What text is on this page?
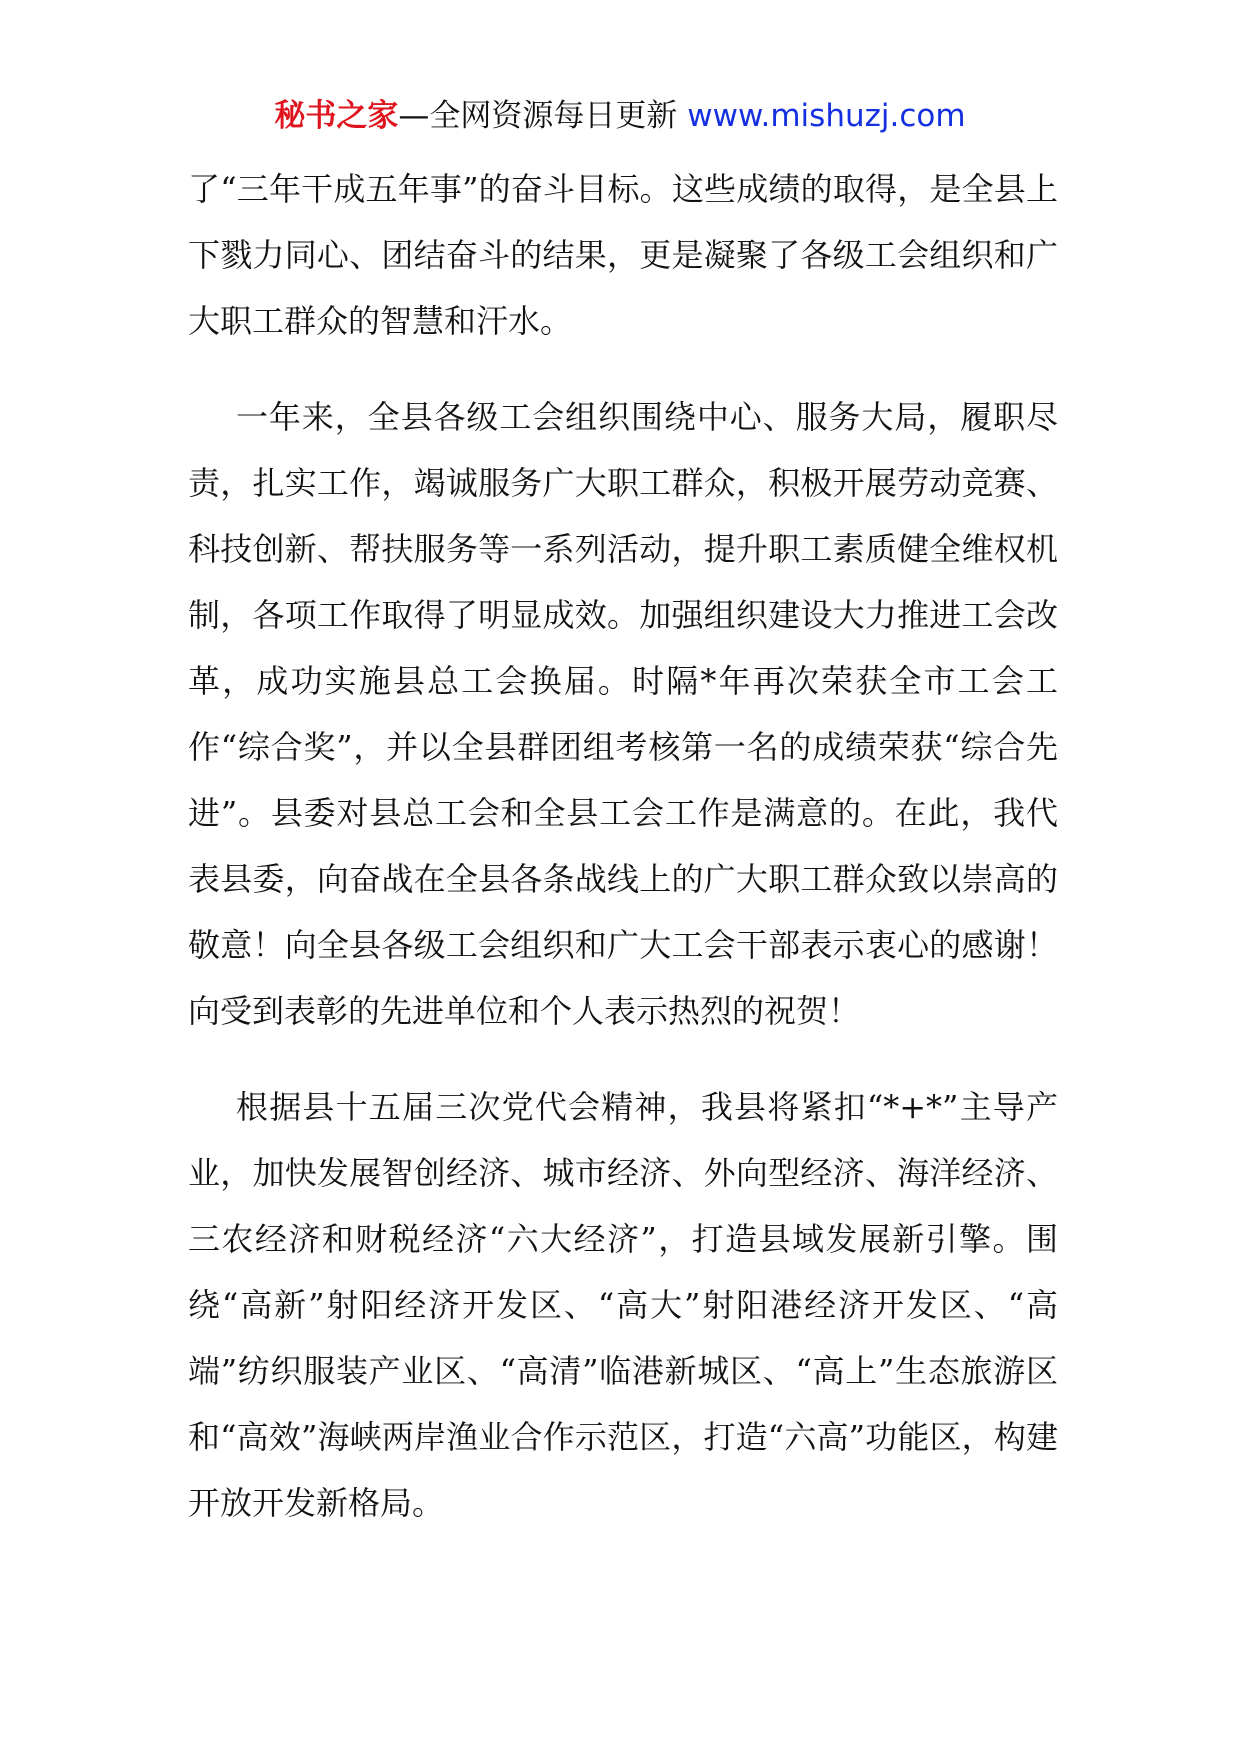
秘书之家—全网资源每日更新 www.mishuzj.com

了“三年干成五年事”的奋斗目标。这些成绩的取得，是全县上下戮力同心、团结奋斗的结果，更是凝聚了各级工会组织和广大职工群众的智慧和汗水。

一年来，全县各级工会组织围绕中心、服务大局，履职尽责，扎实工作，竭诚服务广大职工群众，积极开展劳动竞赛、科技创新、帮扶服务等一系列活动，提升职工素质健全维权机制，各项工作取得了明显成效。加强组织建设大力推进工会改革，成功实施县总工会换届。时隔*年再次荣获全市工会工作“综合奖”，并以全县群团组考核第一名的成绩荣获“综合先进”。县委对县总工会和全县工会工作是满意的。在此，我代表县委，向奋战在全县各条战线上的广大职工群众致以崇高的敬意！向全县各级工会组织和广大工会干部表示衷心的感谢！向受到表彰的先进单位和个人表示热烈的祝贺！

根据县十五届三次党代会精神，我县将紧扣“*+*”主导产业，加快发展智创经济、城市经济、外向型经济、海洋经济、三农经济和财税经济“六大经济”，打造县域发展新引擎。围绕“高新”射阳经济开发区、“高大”射阳港经济开发区、“高端”纺织服装产业区、“高清”临港新城区、“高上”生态旅游区和“高效”海峡两岸渔业合作示范区，打造“六高”功能区，构建开放开发新格局。
